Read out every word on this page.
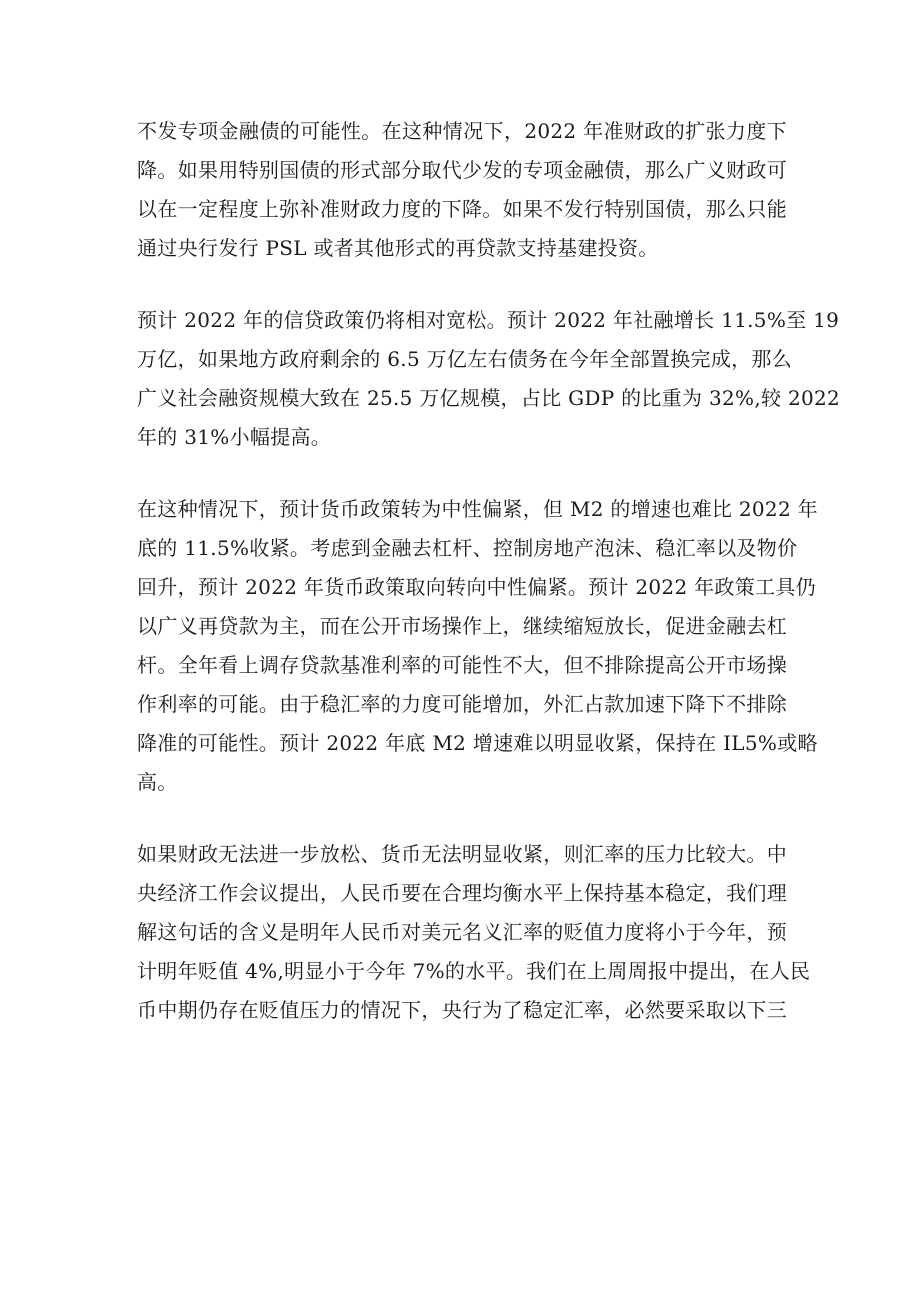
不发专项金融债的可能性。在这种情况下，2022 年准财政的扩张力度下
降。如果用特别国债的形式部分取代少发的专项金融债，那么广义财政可
以在一定程度上弥补准财政力度的下降。如果不发行特别国债，那么只能
通过央行发行 PSL 或者其他形式的再贷款支持基建投资。

预计 2022 年的信贷政策仍将相对宽松。预计 2022 年社融增长 11.5%至 19
万亿，如果地方政府剩余的 6.5 万亿左右债务在今年全部置换完成，那么
广义社会融资规模大致在 25.5 万亿规模，占比 GDP 的比重为 32%,较 2022
年的 31%小幅提高。

在这种情况下，预计货币政策转为中性偏紧，但 M2 的增速也难比 2022 年
底的 11.5%收紧。考虑到金融去杠杆、控制房地产泡沫、稳汇率以及物价
回升，预计 2022 年货币政策取向转向中性偏紧。预计 2022 年政策工具仍
以广义再贷款为主，而在公开市场操作上，继续缩短放长，促进金融去杠
杆。全年看上调存贷款基准利率的可能性不大，但不排除提高公开市场操
作利率的可能。由于稳汇率的力度可能增加，外汇占款加速下降下不排除
降准的可能性。预计 2022 年底 M2 增速难以明显收紧，保持在 IL5%或略
高。

如果财政无法进一步放松、货币无法明显收紧，则汇率的压力比较大。中
央经济工作会议提出，人民币要在合理均衡水平上保持基本稳定，我们理
解这句话的含义是明年人民币对美元名义汇率的贬值力度将小于今年，预
计明年贬值 4%,明显小于今年 7%的水平。我们在上周周报中提出，在人民
币中期仍存在贬值压力的情况下，央行为了稳定汇率，必然要采取以下三
